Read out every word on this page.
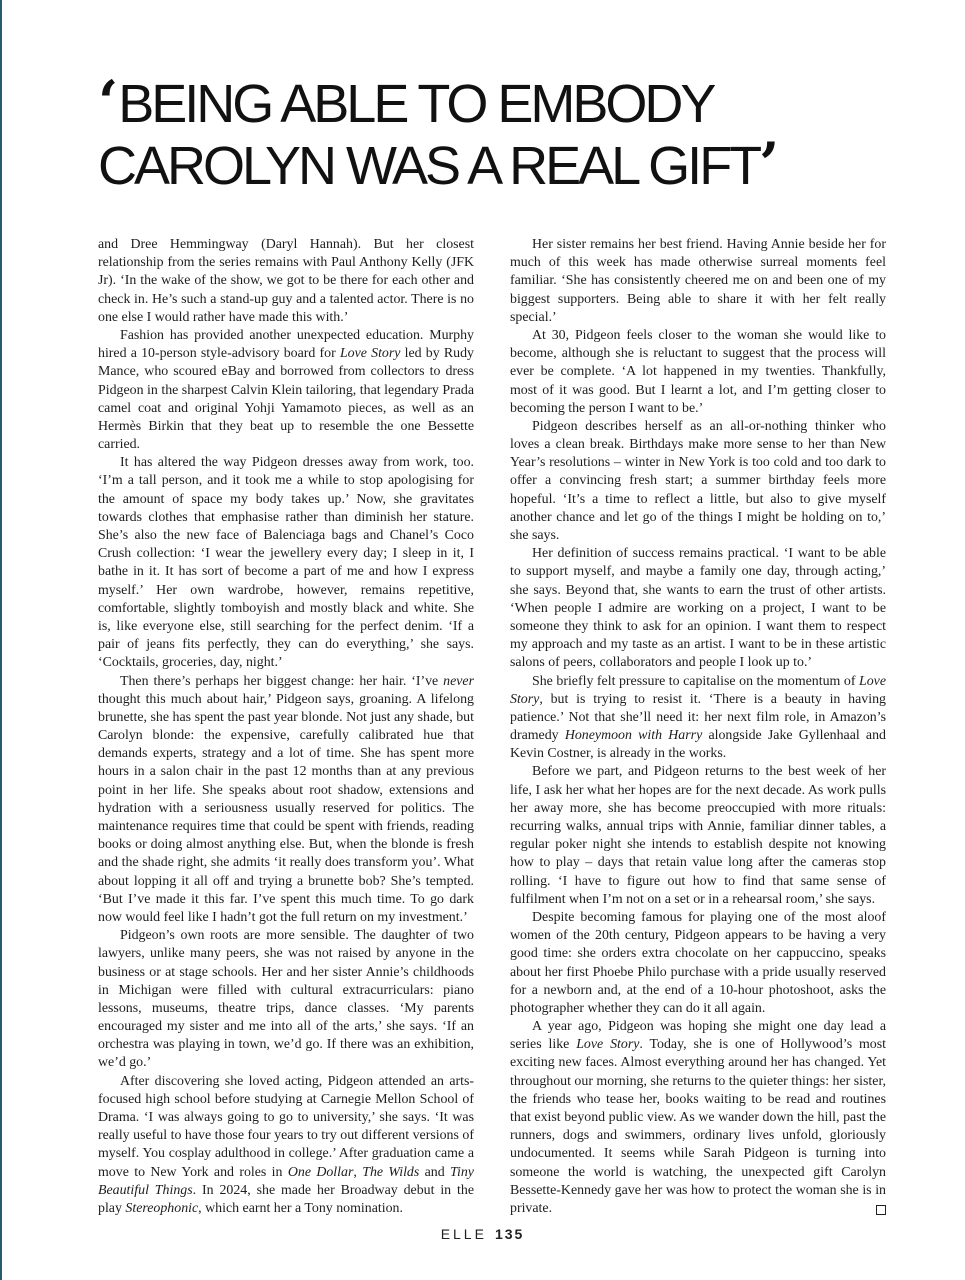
‘BEING ABLE TO EMBODY
CAROLYN WAS A REAL GIFT’

and Dree Hemmingway (Daryl Hannah). But her closest relationship from the series remains with Paul Anthony Kelly (JFK Jr). ‘In the wake of the show, we got to be there for each other and check in. He’s such a stand-up guy and a talented actor. There is no one else I would rather have made this with.’

Fashion has provided another unexpected education. Murphy hired a 10-person style-advisory board for Love Story led by Rudy Mance, who scoured eBay and borrowed from collectors to dress Pidgeon in the sharpest Calvin Klein tailoring, that legendary Prada camel coat and original Yohji Yamamoto pieces, as well as an Hermès Birkin that they beat up to resemble the one Bessette carried.

It has altered the way Pidgeon dresses away from work, too. ‘I’m a tall person, and it took me a while to stop apologising for the amount of space my body takes up.’ Now, she gravitates towards clothes that emphasise rather than diminish her stature. She’s also the new face of Balenciaga bags and Chanel’s Coco Crush collection: ‘I wear the jewellery every day; I sleep in it, I bathe in it. It has sort of become a part of me and how I express myself.’ Her own wardrobe, however, remains repetitive, comfortable, slightly tomboyish and mostly black and white. She is, like everyone else, still searching for the perfect denim. ‘If a pair of jeans fits perfectly, they can do everything,’ she says. ‘Cocktails, groceries, day, night.’

Then there’s perhaps her biggest change: her hair. ‘I’ve never thought this much about hair,’ Pidgeon says, groaning. A lifelong brunette, she has spent the past year blonde. Not just any shade, but Carolyn blonde: the expensive, carefully calibrated hue that demands experts, strategy and a lot of time. She has spent more hours in a salon chair in the past 12 months than at any previous point in her life. She speaks about root shadow, extensions and hydration with a seriousness usually reserved for politics. The maintenance requires time that could be spent with friends, reading books or doing almost anything else. But, when the blonde is fresh and the shade right, she admits ‘it really does transform you’. What about lopping it all off and trying a brunette bob? She’s tempted. ‘But I’ve made it this far. I’ve spent this much time. To go dark now would feel like I hadn’t got the full return on my investment.’

Pidgeon’s own roots are more sensible. The daughter of two lawyers, unlike many peers, she was not raised by anyone in the business or at stage schools. Her and her sister Annie’s childhoods in Michigan were filled with cultural extracurriculars: piano lessons, museums, theatre trips, dance classes. ‘My parents encouraged my sister and me into all of the arts,’ she says. ‘If an orchestra was playing in town, we’d go. If there was an exhibition, we’d go.’

After discovering she loved acting, Pidgeon attended an arts-focused high school before studying at Carnegie Mellon School of Drama. ‘I was always going to go to university,’ she says. ‘It was really useful to have those four years to try out different versions of myself. You cosplay adulthood in college.’ After graduation came a move to New York and roles in One Dollar, The Wilds and Tiny Beautiful Things. In 2024, she made her Broadway debut in the play Stereophonic, which earnt her a Tony nomination.

Her sister remains her best friend. Having Annie beside her for much of this week has made otherwise surreal moments feel familiar. ‘She has consistently cheered me on and been one of my biggest supporters. Being able to share it with her felt really special.’

At 30, Pidgeon feels closer to the woman she would like to become, although she is reluctant to suggest that the process will ever be complete. ‘A lot happened in my twenties. Thankfully, most of it was good. But I learnt a lot, and I’m getting closer to becoming the person I want to be.’

Pidgeon describes herself as an all-or-nothing thinker who loves a clean break. Birthdays make more sense to her than New Year’s resolutions – winter in New York is too cold and too dark to offer a convincing fresh start; a summer birthday feels more hopeful. ‘It’s a time to reflect a little, but also to give myself another chance and let go of the things I might be holding on to,’ she says.

Her definition of success remains practical. ‘I want to be able to support myself, and maybe a family one day, through acting,’ she says. Beyond that, she wants to earn the trust of other artists. ‘When people I admire are working on a project, I want to be someone they think to ask for an opinion. I want them to respect my approach and my taste as an artist. I want to be in these artistic salons of peers, collaborators and people I look up to.’

She briefly felt pressure to capitalise on the momentum of Love Story, but is trying to resist it. ‘There is a beauty in having patience.’ Not that she’ll need it: her next film role, in Amazon’s dramedy Honeymoon with Harry alongside Jake Gyllenhaal and Kevin Costner, is already in the works.

Before we part, and Pidgeon returns to the best week of her life, I ask her what her hopes are for the next decade. As work pulls her away more, she has become preoccupied with more rituals: recurring walks, annual trips with Annie, familiar dinner tables, a regular poker night she intends to establish despite not knowing how to play – days that retain value long after the cameras stop rolling. ‘I have to figure out how to find that same sense of fulfilment when I’m not on a set or in a rehearsal room,’ she says.

Despite becoming famous for playing one of the most aloof women of the 20th century, Pidgeon appears to be having a very good time: she orders extra chocolate on her cappuccino, speaks about her first Phoebe Philo purchase with a pride usually reserved for a newborn and, at the end of a 10-hour photoshoot, asks the photographer whether they can do it all again.

A year ago, Pidgeon was hoping she might one day lead a series like Love Story. Today, she is one of Hollywood’s most exciting new faces. Almost everything around her has changed. Yet throughout our morning, she returns to the quieter things: her sister, the friends who tease her, books waiting to be read and routines that exist beyond public view. As we wander down the hill, past the runners, dogs and swimmers, ordinary lives unfold, gloriously undocumented. It seems while Sarah Pidgeon is turning into someone the world is watching, the unexpected gift Carolyn Bessette-Kennedy gave her was how to protect the woman she is in private.

ELLE 135
